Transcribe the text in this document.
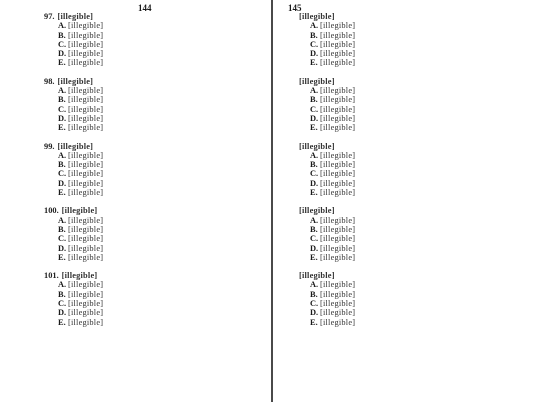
144
97. [illegible]
A. [illegible]
B. [illegible]
C. [illegible]
D. [illegible]
E. [illegible]
98. [illegible]
A. [illegible]
B. [illegible]
C. [illegible]
D. [illegible]
E. [illegible]
99. [illegible]
A. [illegible]
B. [illegible]
C. [illegible]
D. [illegible]
E. [illegible]
100. [illegible]
A. [illegible]
B. [illegible]
C. [illegible]
D. [illegible]
E. [illegible]
101. [illegible]
A. [illegible]
B. [illegible]
C. [illegible]
D. [illegible]
E. [illegible]
145
[illegible]
A. [illegible]
B. [illegible]
C. [illegible]
D. [illegible]
E. [illegible]
[illegible]
A. [illegible]
B. [illegible]
C. [illegible]
D. [illegible]
E. [illegible]
[illegible]
A. [illegible]
B. [illegible]
C. [illegible]
D. [illegible]
E. [illegible]
[illegible]
A. [illegible]
B. [illegible]
C. [illegible]
D. [illegible]
E. [illegible]
[illegible]
A. [illegible]
B. [illegible]
C. [illegible]
D. [illegible]
E. [illegible]
